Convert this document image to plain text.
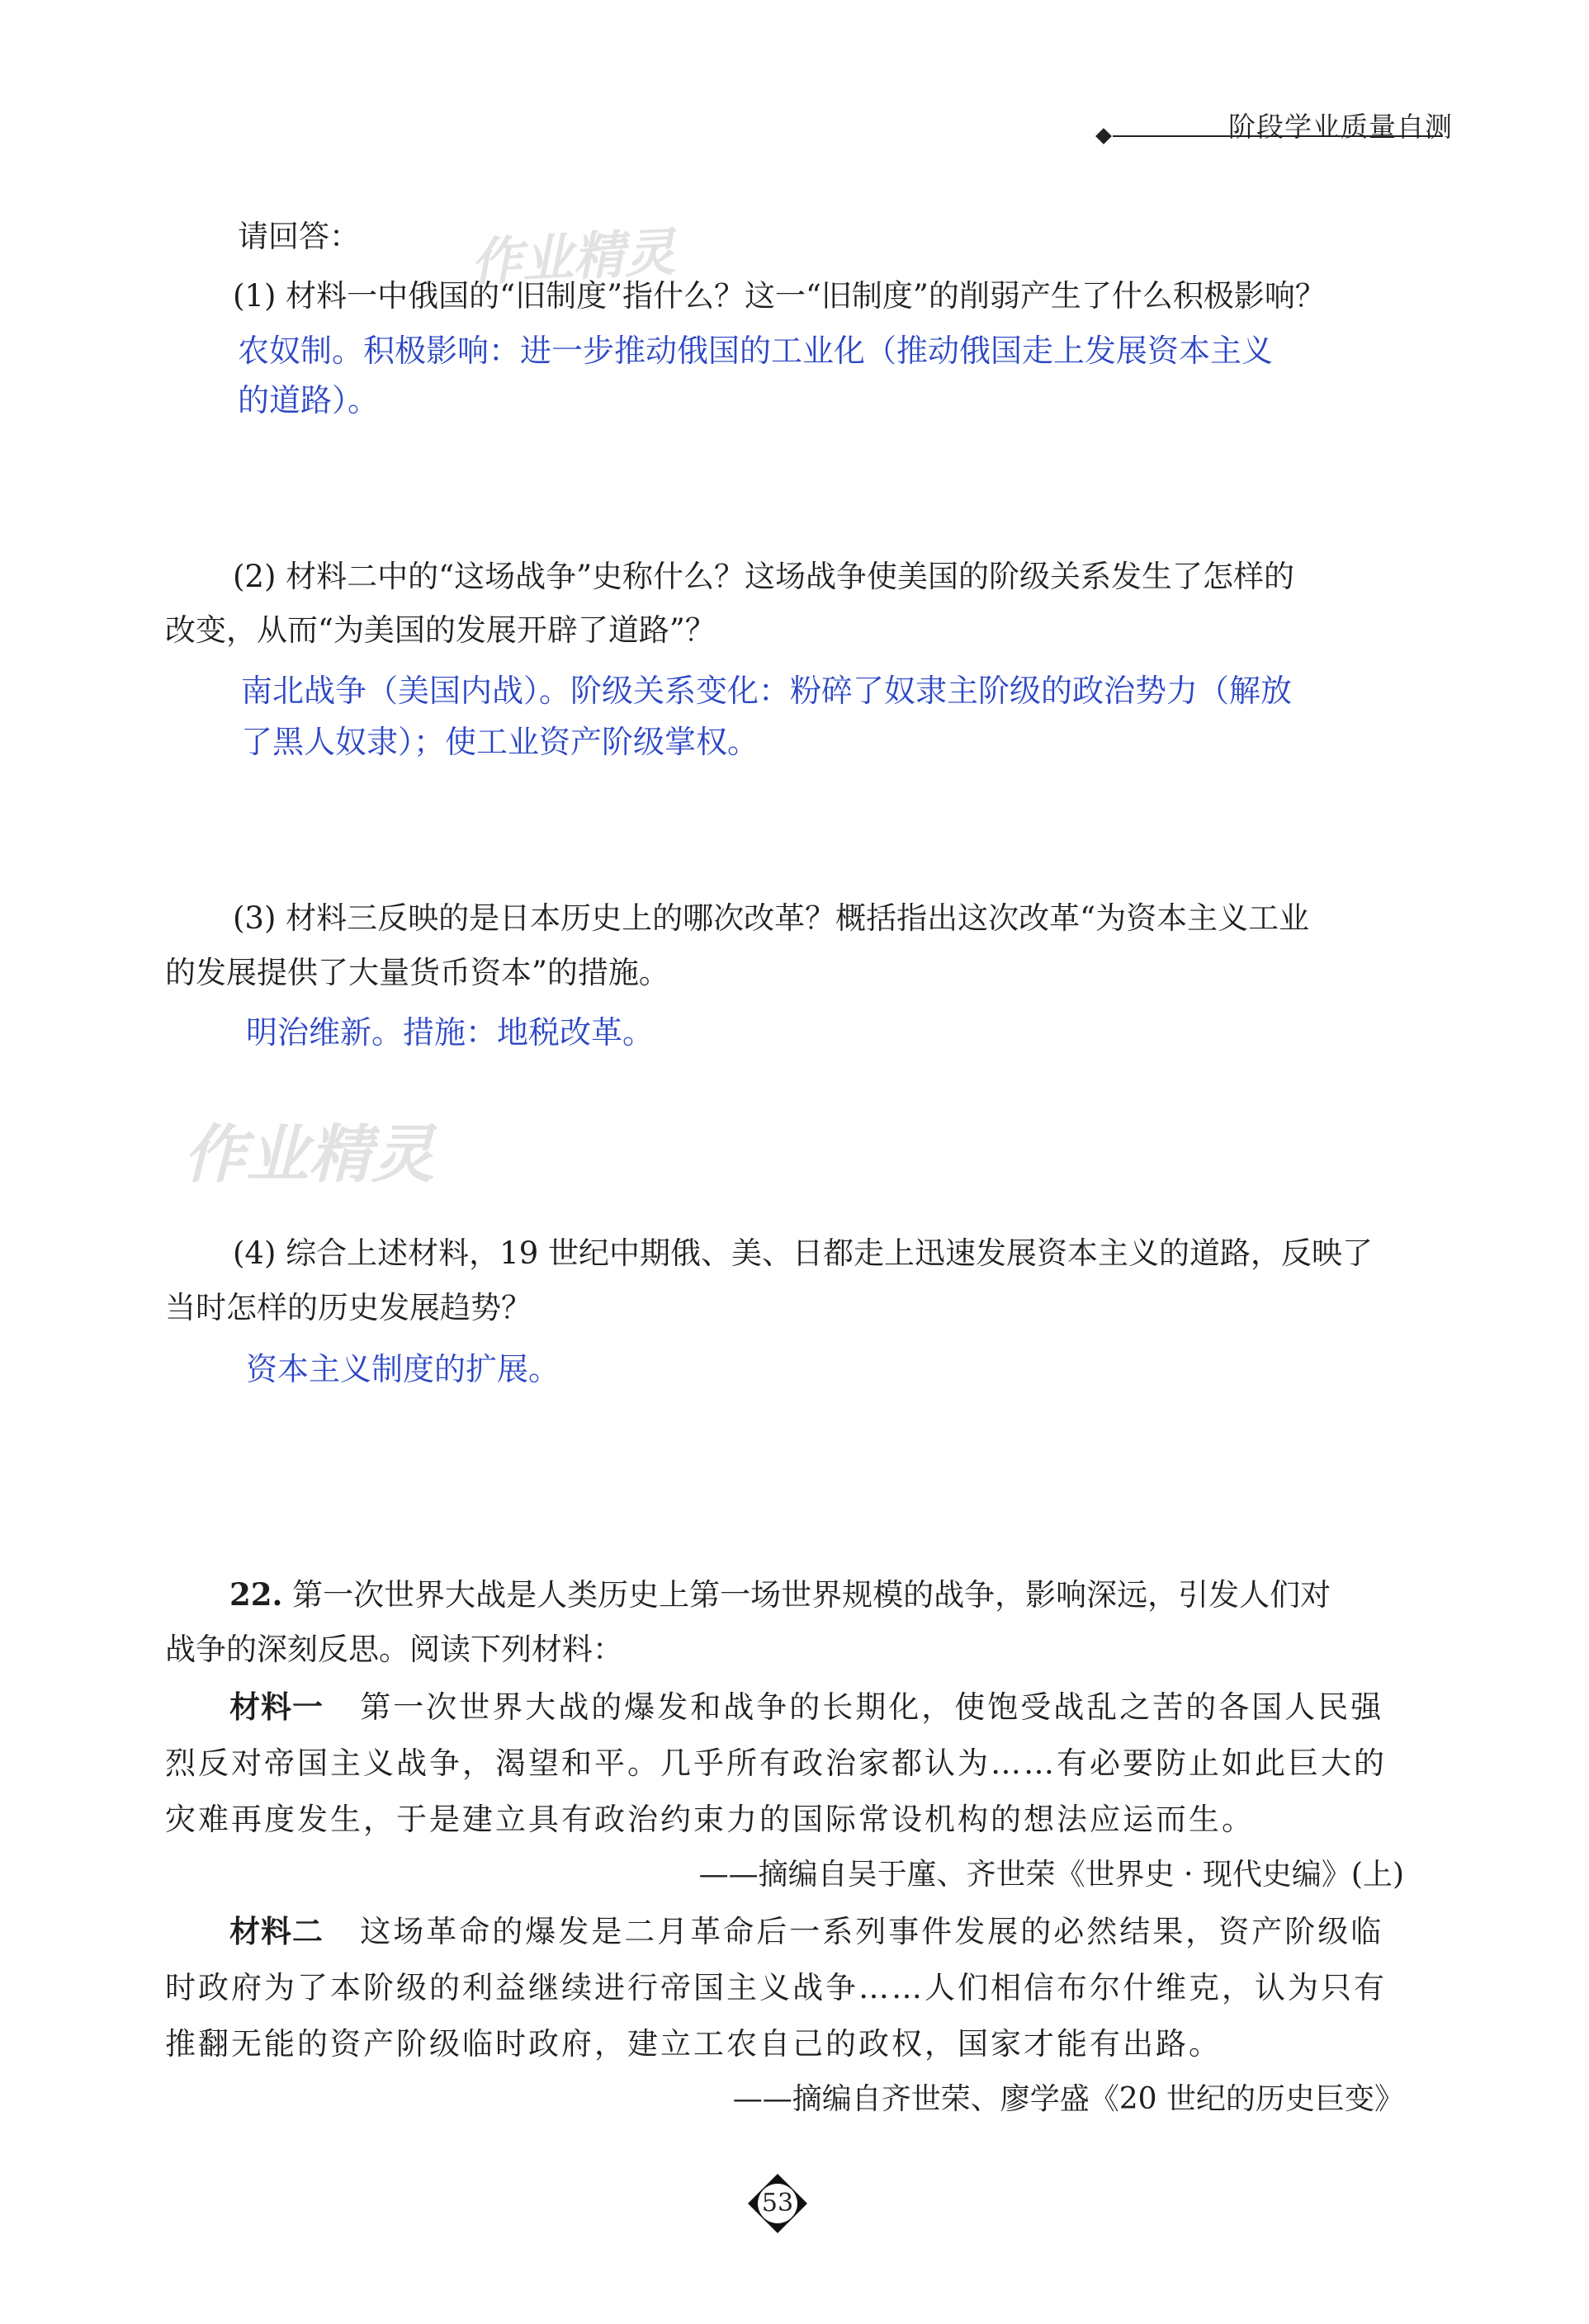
阶段学业质量自测
作业精灵
作业精灵
请回答：
(1) 材料一中俄国的“旧制度”指什么？这一“旧制度”的削弱产生了什么积极影响？
农奴制。积极影响：进一步推动俄国的工业化（推动俄国走上发展资本主义
的道路）。
(2) 材料二中的“这场战争”史称什么？这场战争使美国的阶级关系发生了怎样的
改变，从而“为美国的发展开辟了道路”？
南北战争（美国内战）。阶级关系变化：粉碎了奴隶主阶级的政治势力（解放
了黑人奴隶）；使工业资产阶级掌权。
(3) 材料三反映的是日本历史上的哪次改革？概括指出这次改革“为资本主义工业
的发展提供了大量货币资本”的措施。
明治维新。措施：地税改革。
(4) 综合上述材料，19 世纪中期俄、美、日都走上迅速发展资本主义的道路，反映了
当时怎样的历史发展趋势？
资本主义制度的扩展。
22. 第一次世界大战是人类历史上第一场世界规模的战争，影响深远，引发人们对
战争的深刻反思。阅读下列材料：
材料一 第一次世界大战的爆发和战争的长期化，使饱受战乱之苦的各国人民强
烈反对帝国主义战争，渴望和平。几乎所有政治家都认为……有必要防止如此巨大的
灾难再度发生，于是建立具有政治约束力的国际常设机构的想法应运而生。
——摘编自吴于廑、齐世荣《世界史 · 现代史编》(上)
材料二 这场革命的爆发是二月革命后一系列事件发展的必然结果，资产阶级临
时政府为了本阶级的利益继续进行帝国主义战争……人们相信布尔什维克，认为只有
推翻无能的资产阶级临时政府，建立工农自己的政权，国家才能有出路。
——摘编自齐世荣、廖学盛《20 世纪的历史巨变》
53
